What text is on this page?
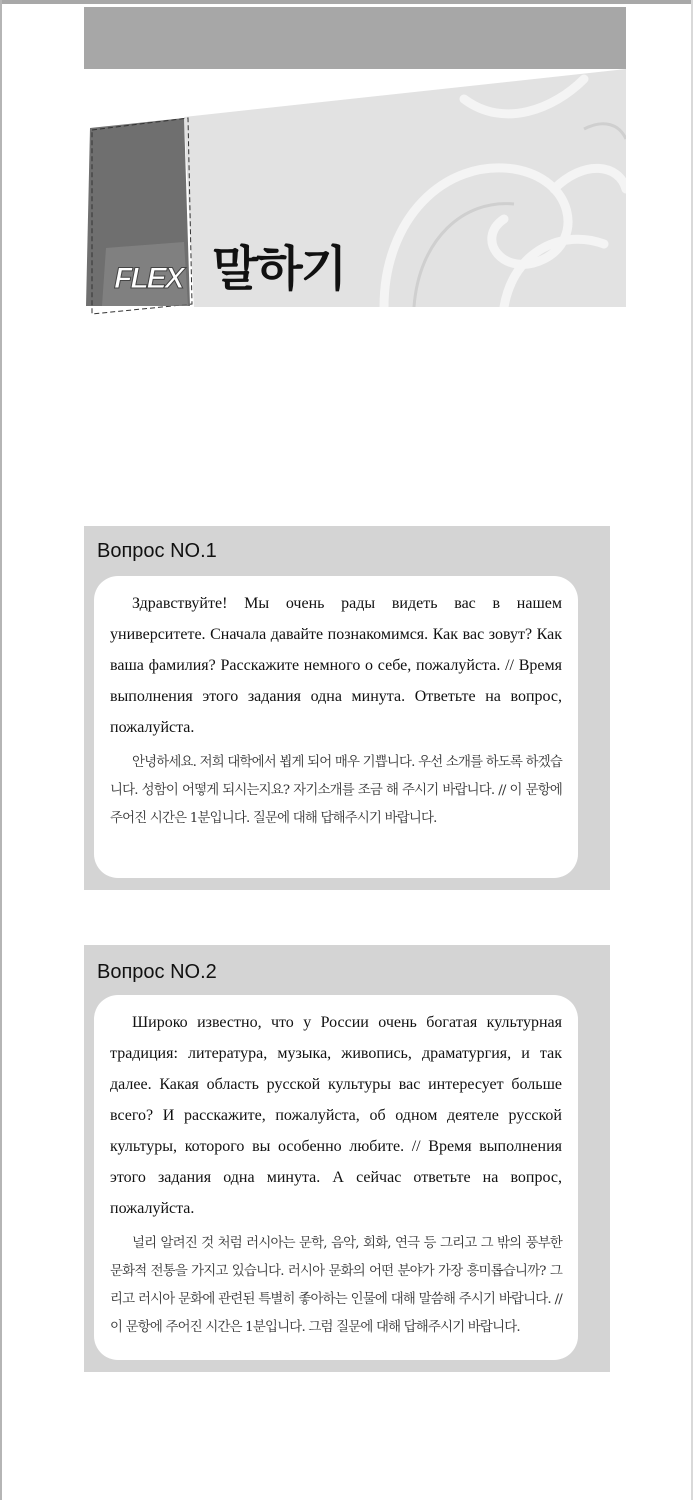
FLEX 말하기
Вопрос NO.1

Здравствуйте! Мы очень рады видеть вас в нашем университете. Сначала давайте познакомимся. Как вас зовут? Как ваша фамилия? Расскажите немного о себе, пожалуйста. // Время выполнения этого задания одна минута. Ответьте на вопрос, пожалуйста.

안녕하세요. 저희 대학에서 뵙게 되어 매우 기쁩니다. 우선 소개를 하도록 하겠습니다. 성함이 어떻게 되시는지요? 자기소개를 조금 해 주시기 바랍니다. // 이 문항에 주어진 시간은 1분입니다. 질문에 대해 답해주시기 바랍니다.

Вопрос NO.2

Широко известно, что у России очень богатая культурная традиция: литература, музыка, живопись, драматургия, и так далее. Какая область русской культуры вас интересует больше всего? И расскажите, пожалуйста, об одном деятеле русской культуры, которого вы особенно любите. // Время выполнения этого задания одна минута. А сейчас ответьте на вопрос, пожалуйста.

널리 알려진 것 처럼 러시아는 문학, 음악, 회화, 연극 등 그리고 그 밖의 풍부한 문화적 전통을 가지고 있습니다. 러시아 문화의 어떤 분야가 가장 흥미롭습니까? 그리고 러시아 문화에 관련된 특별히 좋아하는 인물에 대해 말씀해 주시기 바랍니다. // 이 문항에 주어진 시간은 1분입니다. 그럼 질문에 대해 답해주시기 바랍니다.
